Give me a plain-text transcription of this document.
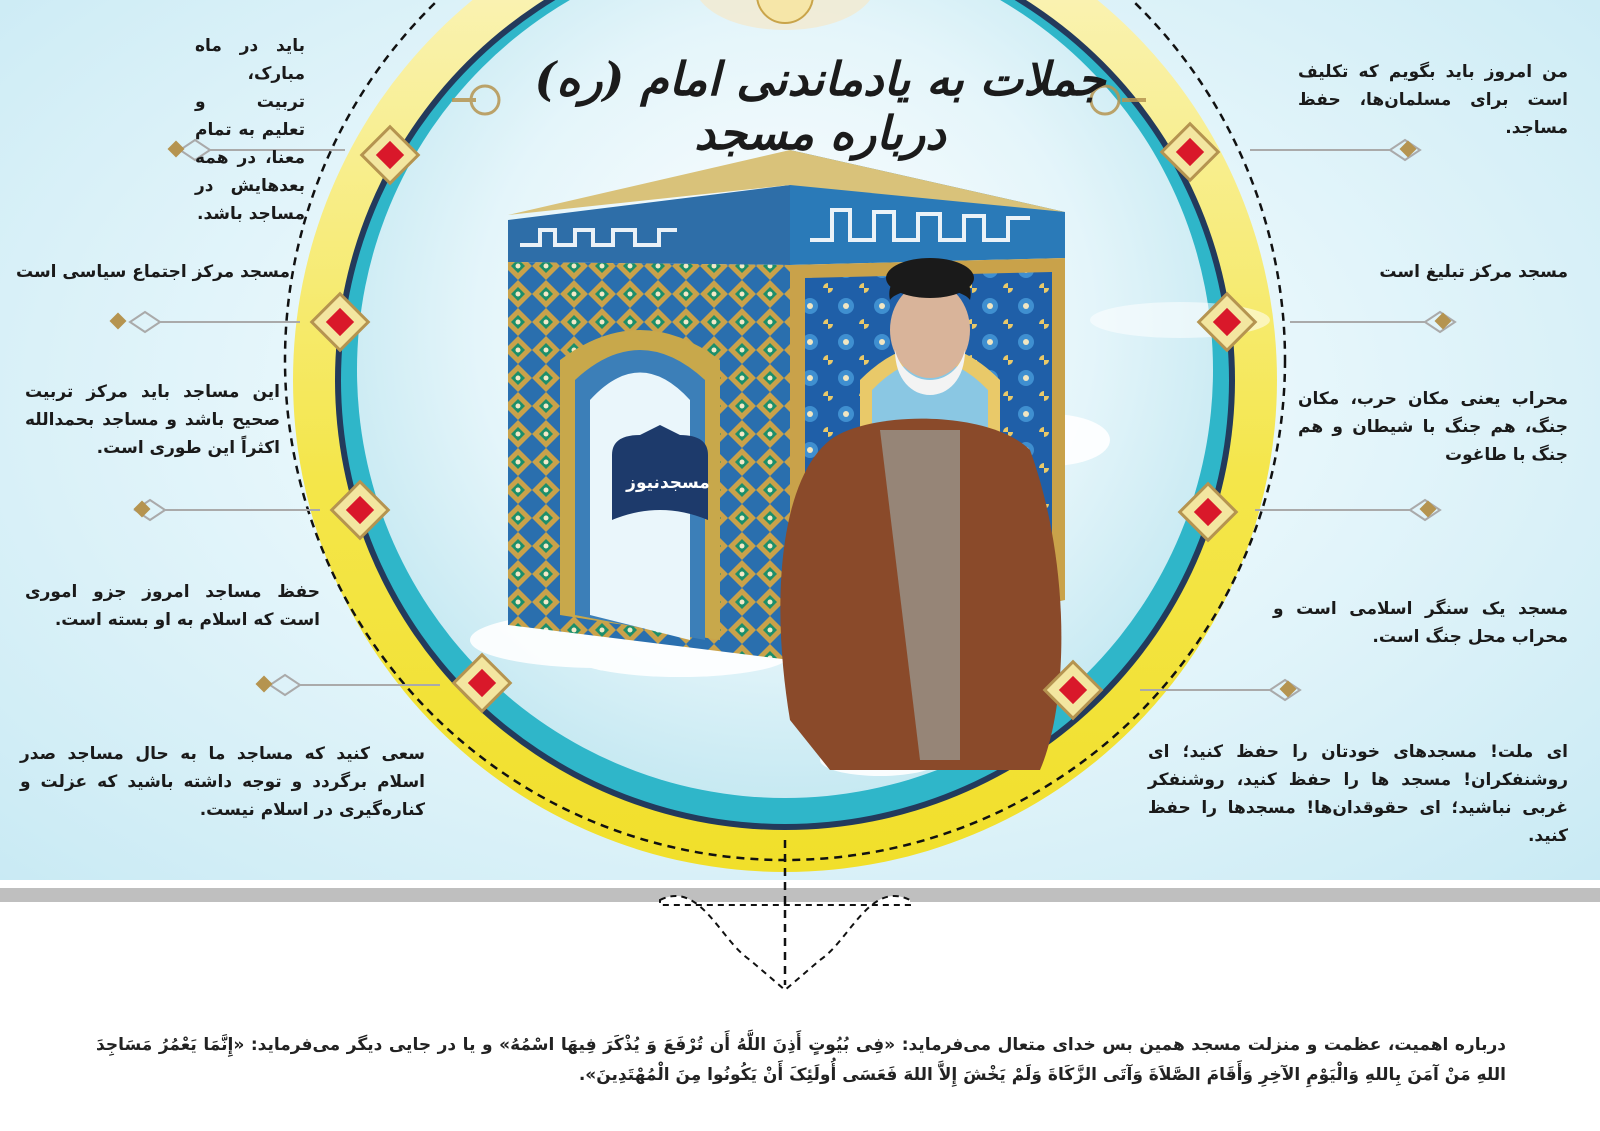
جملات به یادماندنی امام (ره) درباره مسجد
مسجدنیوز

من امروز باید بگویم که تکلیف است برای مسلمان‌ها، حفظ مساجد.

مسجد مرکز تبلیغ است

محراب یعنی مکان حرب، مکان جنگ، هم جنگ با شیطان و هم جنگ با طاغوت

مسجد یک سنگر اسلامی است و محراب محل جنگ است.

ای ملت! مسجدهای خودتان را حفظ کنید؛ ای روشنفکران! مسجد ها را حفظ کنید، روشنفکر غربی نباشید؛ ای حقوقدان‌ها! مسجدها را حفظ کنید.

باید در ماه مبارک، تربیت و تعلیم به تمام معنا، در همه بعدهایش در مساجد باشد.

مسجد مرکز اجتماع سیاسی است

این مساجد باید مرکز تربیت صحیح باشد و مساجد بحمدالله اکثراً این طوری است.

حفظ مساجد امروز جزو اموری است که اسلام به او بسته است.

سعی کنید که مساجد ما به حال مساجد صدر اسلام برگردد و توجه داشته باشید که عزلت و کناره‌گیری در اسلام نیست.

درباره اهمیت، عظمت و منزلت مسجد همین بس خدای متعال می‌فرماید: «فِی بُیُوتٍ أَذِنَ اللَّهُ أَن تُرْفَعَ وَ یُذْکَرَ فِیهَا اسْمُهُ» و یا در جایی دیگر می‌فرماید: «إِنَّمَا یَعْمُرُ مَسَاجِدَ اللهِ مَنْ آمَنَ بِاللهِ وَالْیَوْمِ الآخِرِ وَأَقَامَ الصَّلاَةَ وَآتَى الزَّکَاةَ وَلَمْ یَخْشَ إِلاَّ اللهَ فَعَسَى أُولَئِکَ أَنْ یَکُونُوا مِنَ الْمُهْتَدِینَ».
